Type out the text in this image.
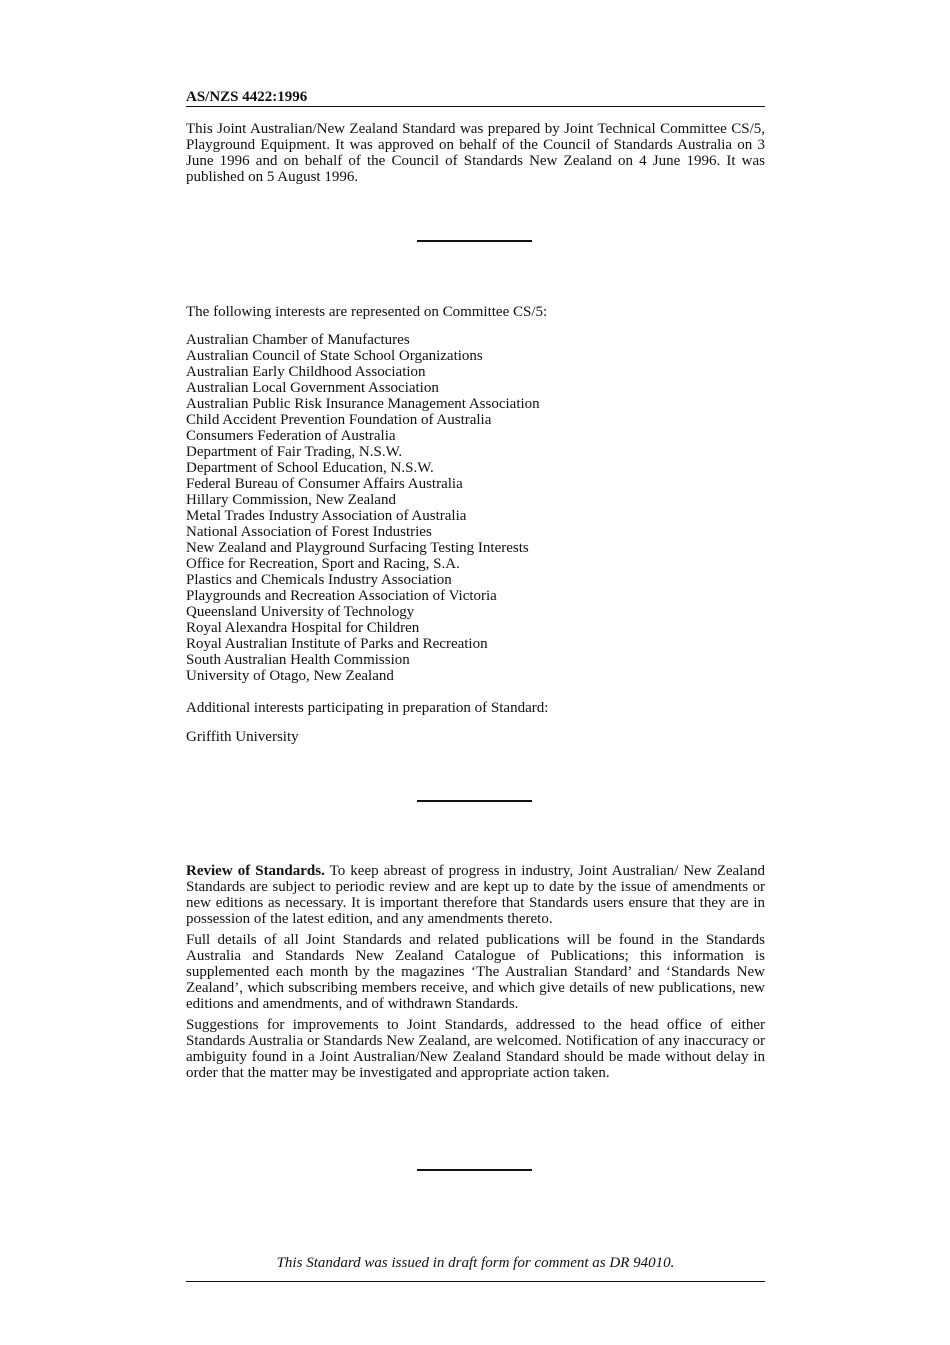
AS/NZS 4422:1996

This Joint Australian/New Zealand Standard was prepared by Joint Technical Committee CS/5, Playground Equipment. It was approved on behalf of the Council of Standards Australia on 3 June 1996 and on behalf of the Council of Standards New Zealand on 4 June 1996. It was published on 5 August 1996.

The following interests are represented on Committee CS/5:
Australian Chamber of Manufactures
Australian Council of State School Organizations
Australian Early Childhood Association
Australian Local Government Association
Australian Public Risk Insurance Management Association
Child Accident Prevention Foundation of Australia
Consumers Federation of Australia
Department of Fair Trading, N.S.W.
Department of School Education, N.S.W.
Federal Bureau of Consumer Affairs Australia
Hillary Commission, New Zealand
Metal Trades Industry Association of Australia
National Association of Forest Industries
New Zealand and Playground Surfacing Testing Interests
Office for Recreation, Sport and Racing, S.A.
Plastics and Chemicals Industry Association
Playgrounds and Recreation Association of Victoria
Queensland University of Technology
Royal Alexandra Hospital for Children
Royal Australian Institute of Parks and Recreation
South Australian Health Commission
University of Otago, New Zealand
Additional interests participating in preparation of Standard:
Griffith University

Review of Standards. To keep abreast of progress in industry, Joint Australian/ New Zealand Standards are subject to periodic review and are kept up to date by the issue of amendments or new editions as necessary. It is important therefore that Standards users ensure that they are in possession of the latest edition, and any amendments thereto.

Full details of all Joint Standards and related publications will be found in the Standards Australia and Standards New Zealand Catalogue of Publications; this information is supplemented each month by the magazines ‘The Australian Standard’ and ‘Standards New Zealand’, which subscribing members receive, and which give details of new publications, new editions and amendments, and of withdrawn Standards.

Suggestions for improvements to Joint Standards, addressed to the head office of either Standards Australia or Standards New Zealand, are welcomed. Notification of any inaccuracy or ambiguity found in a Joint Australian/New Zealand Standard should be made without delay in order that the matter may be investigated and appropriate action taken.

This Standard was issued in draft form for comment as DR 94010.
